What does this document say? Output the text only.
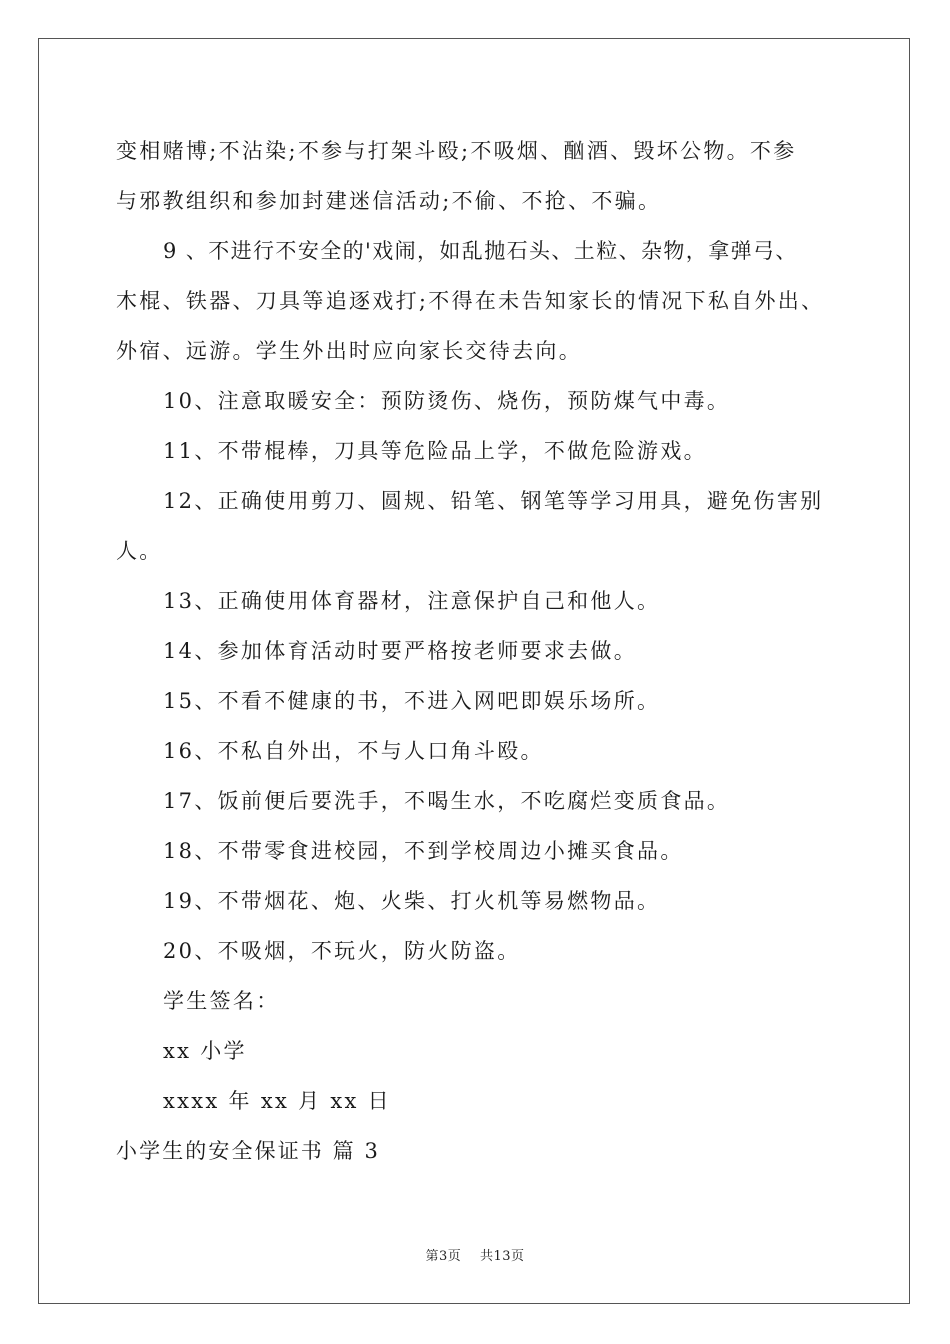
变相赌博;不沾染;不参与打架斗殴;不吸烟、酗酒、毁坏公物。不参
与邪教组织和参加封建迷信活动;不偷、不抢、不骗。
9 、不进行不安全的'戏闹，如乱抛石头、土粒、杂物，拿弹弓、
木棍、铁器、刀具等追逐戏打;不得在未告知家长的情况下私自外出、
外宿、远游。学生外出时应向家长交待去向。
10、注意取暖安全：预防烫伤、烧伤，预防煤气中毒。
11、不带棍棒，刀具等危险品上学，不做危险游戏。
12、正确使用剪刀、圆规、铅笔、钢笔等学习用具，避免伤害别
人。
13、正确使用体育器材，注意保护自己和他人。
14、参加体育活动时要严格按老师要求去做。
15、不看不健康的书，不进入网吧即娱乐场所。
16、不私自外出，不与人口角斗殴。
17、饭前便后要洗手，不喝生水，不吃腐烂变质食品。
18、不带零食进校园，不到学校周边小摊买食品。
19、不带烟花、炮、火柴、打火机等易燃物品。
20、不吸烟，不玩火，防火防盗。
学生签名：
xx 小学
xxxx 年 xx 月 xx 日
小学生的安全保证书 篇 3
第3页 共13页
